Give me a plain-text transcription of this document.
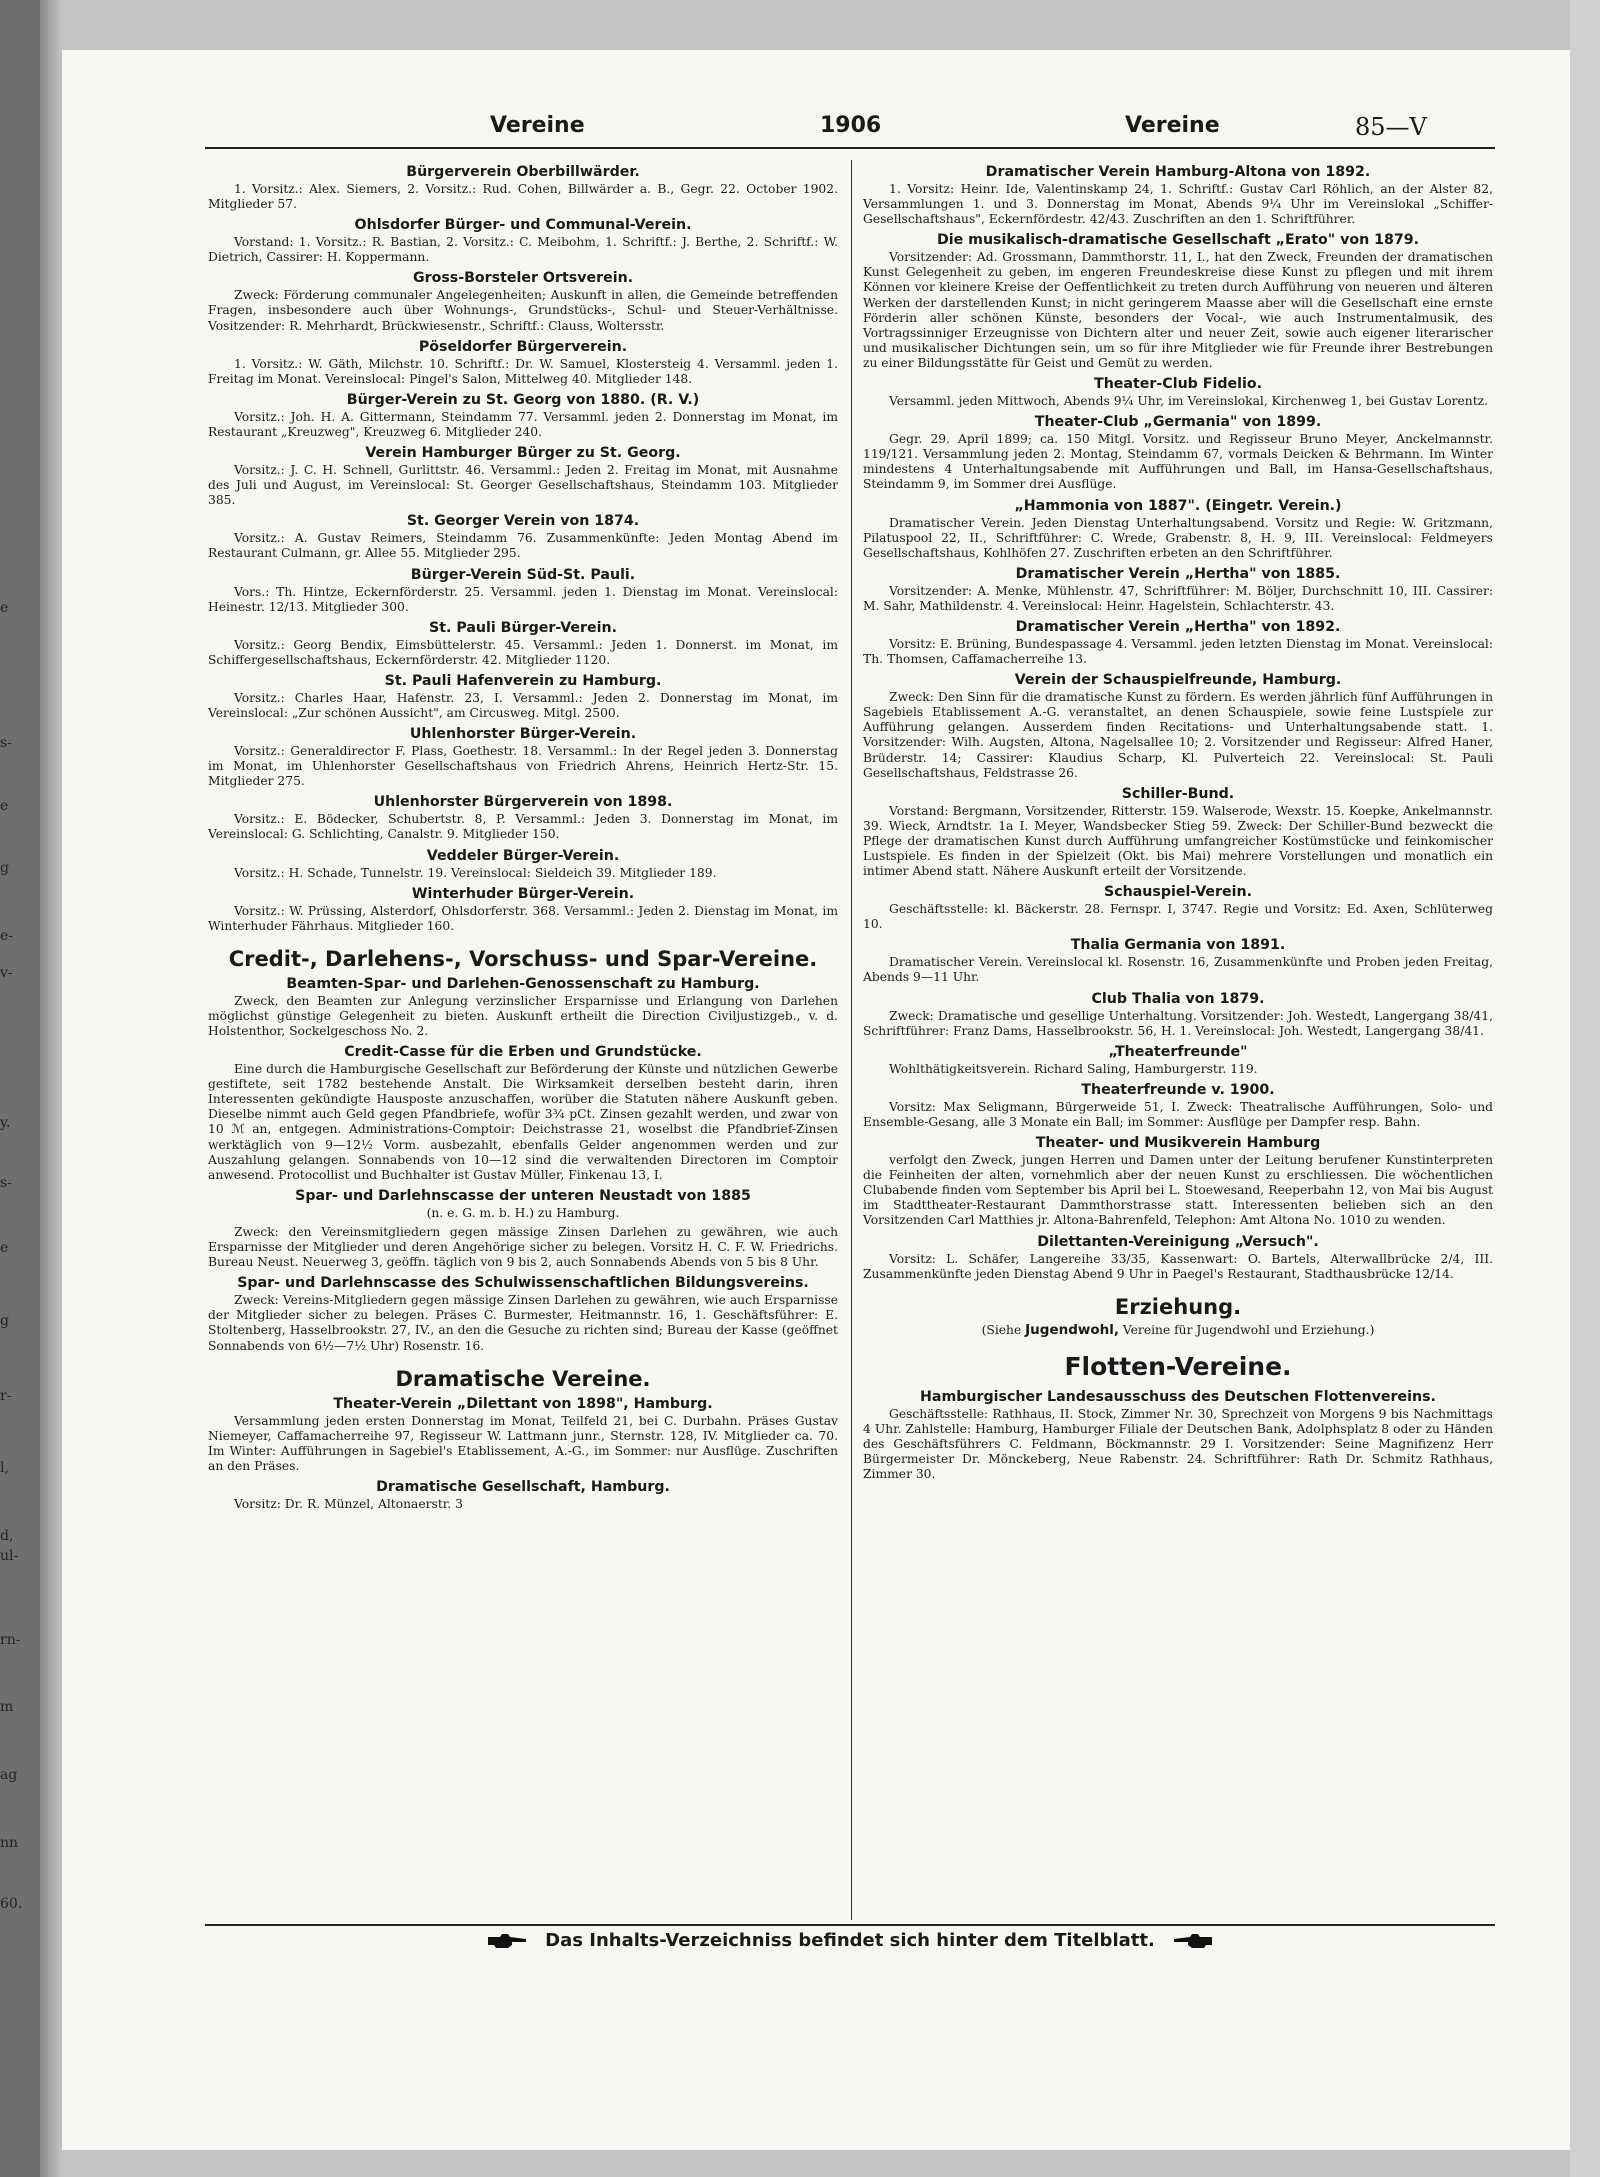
e
s-
e
g
e-
v-
y.
s-
e
g
r-
l,
d,
ul-
rn-
m
ag
nn
60.
Vereine	1906	Vereine	85—V
Bürgerverein Oberbillwärder.

1. Vorsitz.: Alex. Siemers, 2. Vorsitz.: Rud. Cohen, Billwärder a. B., Gegr. 22. October 1902. Mitglieder 57.

Ohlsdorfer Bürger- und Communal-Verein.

Vorstand: 1. Vorsitz.: R. Bastian, 2. Vorsitz.: C. Meibohm, 1. Schriftf.: J. Berthe, 2. Schriftf.: W. Dietrich, Cassirer: H. Koppermann.

Gross-Borsteler Ortsverein.

Zweck: Förderung communaler Angelegenheiten; Auskunft in allen, die Gemeinde betreffenden Fragen, insbesondere auch über Wohnungs-, Grundstücks-, Schul- und Steuer-Verhältnisse. Vositzender: R. Mehrhardt, Brückwiesenstr., Schriftf.: Clauss, Woltersstr.

Pöseldorfer Bürgerverein.

1. Vorsitz.: W. Gäth, Milchstr. 10. Schriftf.: Dr. W. Samuel, Klostersteig 4. Versamml. jeden 1. Freitag im Monat. Vereinslocal: Pingel's Salon, Mittelweg 40. Mitglieder 148.

Bürger-Verein zu St. Georg von 1880. (R. V.)

Vorsitz.: Joh. H. A. Gittermann, Steindamm 77. Versamml. jeden 2. Donnerstag im Monat, im Restaurant „Kreuzweg", Kreuzweg 6. Mitglieder 240.

Verein Hamburger Bürger zu St. Georg.

Vorsitz.: J. C. H. Schnell, Gurlittstr. 46. Versamml.: Jeden 2. Freitag im Monat, mit Ausnahme des Juli und August, im Vereinslocal: St. Georger Gesellschaftshaus, Steindamm 103. Mitglieder 385.

St. Georger Verein von 1874.

Vorsitz.: A. Gustav Reimers, Steindamm 76. Zusammenkünfte: Jeden Montag Abend im Restaurant Culmann, gr. Allee 55. Mitglieder 295.

Bürger-Verein Süd-St. Pauli.

Vors.: Th. Hintze, Eckernförderstr. 25. Versamml. jeden 1. Dienstag im Monat. Vereinslocal: Heinestr. 12/13. Mitglieder 300.

St. Pauli Bürger-Verein.

Vorsitz.: Georg Bendix, Eimsbüttelerstr. 45. Versamml.: Jeden 1. Donnerst. im Monat, im Schiffergesellschaftshaus, Eckernförderstr. 42. Mitglieder 1120.

St. Pauli Hafenverein zu Hamburg.

Vorsitz.: Charles Haar, Hafenstr. 23, I. Versamml.: Jeden 2. Donnerstag im Monat, im Vereinslocal: „Zur schönen Aussicht", am Circusweg. Mitgl. 2500.

Uhlenhorster Bürger-Verein.

Vorsitz.: Generaldirector F. Plass, Goethestr. 18. Versamml.: In der Regel jeden 3. Donnerstag im Monat, im Uhlenhorster Gesellschaftshaus von Friedrich Ahrens, Heinrich Hertz-Str. 15. Mitglieder 275.

Uhlenhorster Bürgerverein von 1898.

Vorsitz.: E. Bödecker, Schubertstr. 8, P. Versamml.: Jeden 3. Donnerstag im Monat, im Vereinslocal: G. Schlichting, Canalstr. 9. Mitglieder 150.

Veddeler Bürger-Verein.

Vorsitz.: H. Schade, Tunnelstr. 19. Vereinslocal: Sieldeich 39. Mitglieder 189.

Winterhuder Bürger-Verein.

Vorsitz.: W. Prüssing, Alsterdorf, Ohlsdorferstr. 368. Versamml.: Jeden 2. Dienstag im Monat, im Winterhuder Fährhaus. Mitglieder 160.

Credit-, Darlehens-, Vorschuss- und Spar-Vereine.
Beamten-Spar- und Darlehen-Genossenschaft zu Hamburg.

Zweck, den Beamten zur Anlegung verzinslicher Ersparnisse und Erlangung von Darlehen möglichst günstige Gelegenheit zu bieten. Auskunft ertheilt die Direction Civiljustizgeb., v. d. Holstenthor, Sockelgeschoss No. 2.

Credit-Casse für die Erben und Grundstücke.

Eine durch die Hamburgische Gesellschaft zur Beförderung der Künste und nützlichen Gewerbe gestiftete, seit 1782 bestehende Anstalt. Die Wirksamkeit derselben besteht darin, ihren Interessenten gekündigte Hausposte anzuschaffen, worüber die Statuten nähere Auskunft geben. Dieselbe nimmt auch Geld gegen Pfandbriefe, wofür 3¾ pCt. Zinsen gezahlt werden, und zwar von 10 ℳ an, entgegen. Administrations-Comptoir: Deichstrasse 21, woselbst die Pfandbrief-Zinsen werktäglich von 9—12½ Vorm. ausbezahlt, ebenfalls Gelder angenommen werden und zur Auszahlung gelangen. Sonnabends von 10—12 sind die verwaltenden Directoren im Comptoir anwesend. Protocollist und Buchhalter ist Gustav Müller, Finkenau 13, I.

Spar- und Darlehnscasse der unteren Neustadt von 1885
(n. e. G. m. b. H.) zu Hamburg.

Zweck: den Vereinsmitgliedern gegen mässige Zinsen Darlehen zu gewähren, wie auch Ersparnisse der Mitglieder und deren Angehörige sicher zu belegen. Vorsitz H. C. F. W. Friedrichs. Bureau Neust. Neuerweg 3, geöffn. täglich von 9 bis 2, auch Sonnabends Abends von 5 bis 8 Uhr.

Spar- und Darlehnscasse des Schulwissenschaftlichen Bildungsvereins.

Zweck: Vereins-Mitgliedern gegen mässige Zinsen Darlehen zu gewähren, wie auch Ersparnisse der Mitglieder sicher zu belegen. Präses C. Burmester, Heitmannstr. 16, 1. Geschäftsführer: E. Stoltenberg, Hasselbrookstr. 27, IV., an den die Gesuche zu richten sind; Bureau der Kasse (geöffnet Sonnabends von 6½—7½ Uhr) Rosenstr. 16.

Dramatische Vereine.
Theater-Verein „Dilettant von 1898", Hamburg.

Versammlung jeden ersten Donnerstag im Monat, Teilfeld 21, bei C. Durbahn. Präses Gustav Niemeyer, Caffamacherreihe 97, Regisseur W. Lattmann junr., Sternstr. 128, IV. Mitglieder ca. 70. Im Winter: Aufführungen in Sagebiel's Etablissement, A.-G., im Sommer: nur Ausflüge. Zuschriften an den Präses.

Dramatische Gesellschaft, Hamburg.

Vorsitz: Dr. R. Münzel, Altonaerstr. 3

Dramatischer Verein Hamburg-Altona von 1892.

1. Vorsitz: Heinr. Ide, Valentinskamp 24, 1. Schriftf.: Gustav Carl Röhlich, an der Alster 82, Versammlungen 1. und 3. Donnerstag im Monat, Abends 9¼ Uhr im Vereinslokal „Schiffer-Gesellschaftshaus", Eckernfördestr. 42/43. Zuschriften an den 1. Schriftführer.

Die musikalisch-dramatische Gesellschaft „Erato" von 1879.

Vorsitzender: Ad. Grossmann, Dammthorstr. 11, I., hat den Zweck, Freunden der dramatischen Kunst Gelegenheit zu geben, im engeren Freundeskreise diese Kunst zu pflegen und mit ihrem Können vor kleinere Kreise der Oeffentlichkeit zu treten durch Aufführung von neueren und älteren Werken der darstellenden Kunst; in nicht geringerem Maasse aber will die Gesellschaft eine ernste Förderin aller schönen Künste, besonders der Vocal-, wie auch Instrumentalmusik, des Vortragssinniger Erzeugnisse von Dichtern alter und neuer Zeit, sowie auch eigener literarischer und musikalischer Dichtungen sein, um so für ihre Mitglieder wie für Freunde ihrer Bestrebungen zu einer Bildungsstätte für Geist und Gemüt zu werden.

Theater-Club Fidelio.

Versamml. jeden Mittwoch, Abends 9¼ Uhr, im Vereinslokal, Kirchenweg 1, bei Gustav Lorentz.

Theater-Club „Germania" von 1899.

Gegr. 29. April 1899; ca. 150 Mitgl. Vorsitz. und Regisseur Bruno Meyer, Anckelmannstr. 119/121. Versammlung jeden 2. Montag, Steindamm 67, vormals Deicken & Behrmann. Im Winter mindestens 4 Unterhaltungsabende mit Aufführungen und Ball, im Hansa-Gesellschaftshaus, Steindamm 9, im Sommer drei Ausflüge.

„Hammonia von 1887". (Eingetr. Verein.)

Dramatischer Verein. Jeden Dienstag Unterhaltungsabend. Vorsitz und Regie: W. Gritzmann, Pilatuspool 22, II., Schriftführer: C. Wrede, Grabenstr. 8, H. 9, III. Vereinslocal: Feldmeyers Gesellschaftshaus, Kohlhöfen 27. Zuschriften erbeten an den Schriftführer.

Dramatischer Verein „Hertha" von 1885.

Vorsitzender: A. Menke, Mühlenstr. 47, Schriftführer: M. Böljer, Durchschnitt 10, III. Cassirer: M. Sahr, Mathildenstr. 4. Vereinslocal: Heinr. Hagelstein, Schlachterstr. 43.

Dramatischer Verein „Hertha" von 1892.

Vorsitz: E. Brüning, Bundespassage 4. Versamml. jeden letzten Dienstag im Monat. Vereinslocal: Th. Thomsen, Caffamacherreihe 13.

Verein der Schauspielfreunde, Hamburg.

Zweck: Den Sinn für die dramatische Kunst zu fördern. Es werden jährlich fünf Aufführungen in Sagebiels Etablissement A.-G. veranstaltet, an denen Schauspiele, sowie feine Lustspiele zur Aufführung gelangen. Ausserdem finden Recitations- und Unterhaltungsabende statt. 1. Vorsitzender: Wilh. Augsten, Altona, Nagelsallee 10; 2. Vorsitzender und Regisseur: Alfred Haner, Brüderstr. 14; Cassirer: Klaudius Scharp, Kl. Pulverteich 22. Vereinslocal: St. Pauli Gesellschaftshaus, Feldstrasse 26.

Schiller-Bund.

Vorstand: Bergmann, Vorsitzender, Ritterstr. 159. Walserode, Wexstr. 15. Koepke, Ankelmannstr. 39. Wieck, Arndtstr. 1a I. Meyer, Wandsbecker Stieg 59. Zweck: Der Schiller-Bund bezweckt die Pflege der dramatischen Kunst durch Aufführung umfangreicher Kostümstücke und feinkomischer Lustspiele. Es finden in der Spielzeit (Okt. bis Mai) mehrere Vorstellungen und monatlich ein intimer Abend statt. Nähere Auskunft erteilt der Vorsitzende.

Schauspiel-Verein.

Geschäftsstelle: kl. Bäckerstr. 28. Fernspr. I, 3747. Regie und Vorsitz: Ed. Axen, Schlüterweg 10.

Thalia Germania von 1891.

Dramatischer Verein. Vereinslocal kl. Rosenstr. 16, Zusammenkünfte und Proben jeden Freitag, Abends 9—11 Uhr.

Club Thalia von 1879.

Zweck: Dramatische und gesellige Unterhaltung. Vorsitzender: Joh. Westedt, Langergang 38/41, Schriftführer: Franz Dams, Hasselbrookstr. 56, H. 1. Vereinslocal: Joh. Westedt, Langergang 38/41.

„Theaterfreunde"

Wohlthätigkeitsverein. Richard Saling, Hamburgerstr. 119.

Theaterfreunde v. 1900.

Vorsitz: Max Seligmann, Bürgerweide 51, I. Zweck: Theatralische Aufführungen, Solo- und Ensemble-Gesang, alle 3 Monate ein Ball; im Sommer: Ausflüge per Dampfer resp. Bahn.

Theater- und Musikverein Hamburg

verfolgt den Zweck, jungen Herren und Damen unter der Leitung berufener Kunstinterpreten die Feinheiten der alten, vornehmlich aber der neuen Kunst zu erschliessen. Die wöchentlichen Clubabende finden vom September bis April bei L. Stoewesand, Reeperbahn 12, von Mai bis August im Stadttheater-Restaurant Dammthorstrasse statt. Interessenten belieben sich an den Vorsitzenden Carl Matthies jr. Altona-Bahrenfeld, Telephon: Amt Altona No. 1010 zu wenden.

Dilettanten-Vereinigung „Versuch".

Vorsitz: L. Schäfer, Langereihe 33/35, Kassenwart: O. Bartels, Alterwallbrücke 2/4, III. Zusammenkünfte jeden Dienstag Abend 9 Uhr in Paegel's Restaurant, Stadthausbrücke 12/14.

Erziehung.

(Siehe Jugendwohl, Vereine für Jugendwohl und Erziehung.)

Flotten-Vereine.
Hamburgischer Landesausschuss des Deutschen Flottenvereins.

Geschäftsstelle: Rathhaus, II. Stock, Zimmer Nr. 30, Sprechzeit von Morgens 9 bis Nachmittags 4 Uhr. Zahlstelle: Hamburg, Hamburger Filiale der Deutschen Bank, Adolphsplatz 8 oder zu Händen des Geschäftsführers C. Feldmann, Böckmannstr. 29 I. Vorsitzender: Seine Magnifizenz Herr Bürgermeister Dr. Mönckeberg, Neue Rabenstr. 24. Schriftführer: Rath Dr. Schmitz Rathhaus, Zimmer 30.

Das Inhalts-Verzeichniss befindet sich hinter dem Titelblatt.
